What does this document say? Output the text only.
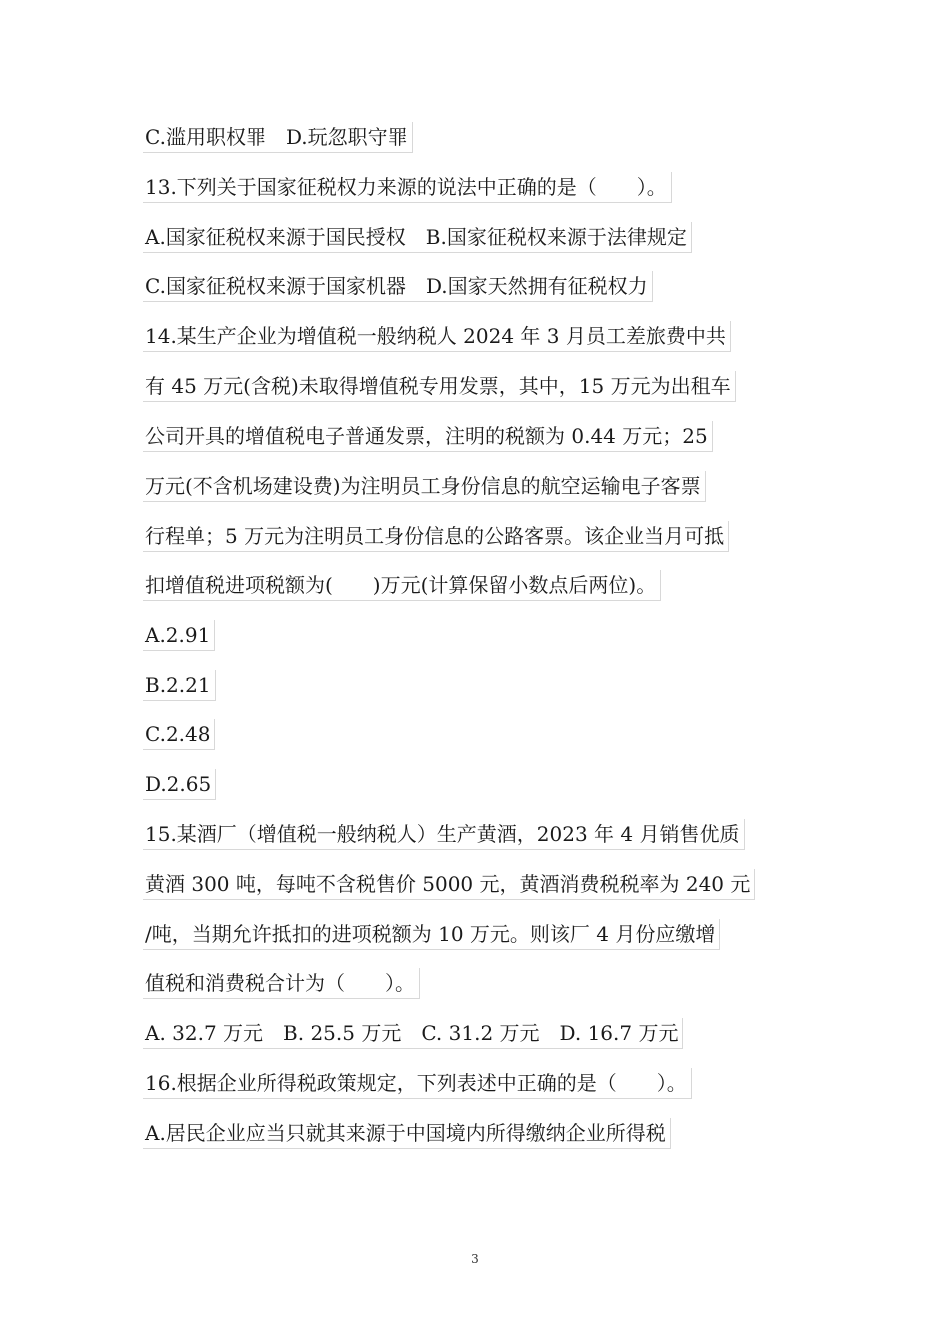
C.滥用职权罪　D.玩忽职守罪
13.下列关于国家征税权力来源的说法中正确的是（　　）。
A.国家征税权来源于国民授权　B.国家征税权来源于法律规定
C.国家征税权来源于国家机器　D.国家天然拥有征税权力
14.某生产企业为增值税一般纳税人 2024 年 3 月员工差旅费中共
有 45 万元(含税)未取得增值税专用发票，其中，15 万元为出租车
公司开具的增值税电子普通发票，注明的税额为 0.44 万元；25
万元(不含机场建设费)为注明员工身份信息的航空运输电子客票
行程单；5 万元为注明员工身份信息的公路客票。该企业当月可抵
扣增值税进项税额为(　　)万元(计算保留小数点后两位)。
A.2.91
B.2.21
C.2.48
D.2.65
15.某酒厂（增值税一般纳税人）生产黄酒，2023 年 4 月销售优质
黄酒 300 吨，每吨不含税售价 5000 元，黄酒消费税税率为 240 元
/吨，当期允许抵扣的进项税额为 10 万元。则该厂 4 月份应缴增
值税和消费税合计为（　　）。
A. 32.7 万元　B. 25.5 万元　C. 31.2 万元　D. 16.7 万元
16.根据企业所得税政策规定，下列表述中正确的是（　　）。
A.居民企业应当只就其来源于中国境内所得缴纳企业所得税
3
